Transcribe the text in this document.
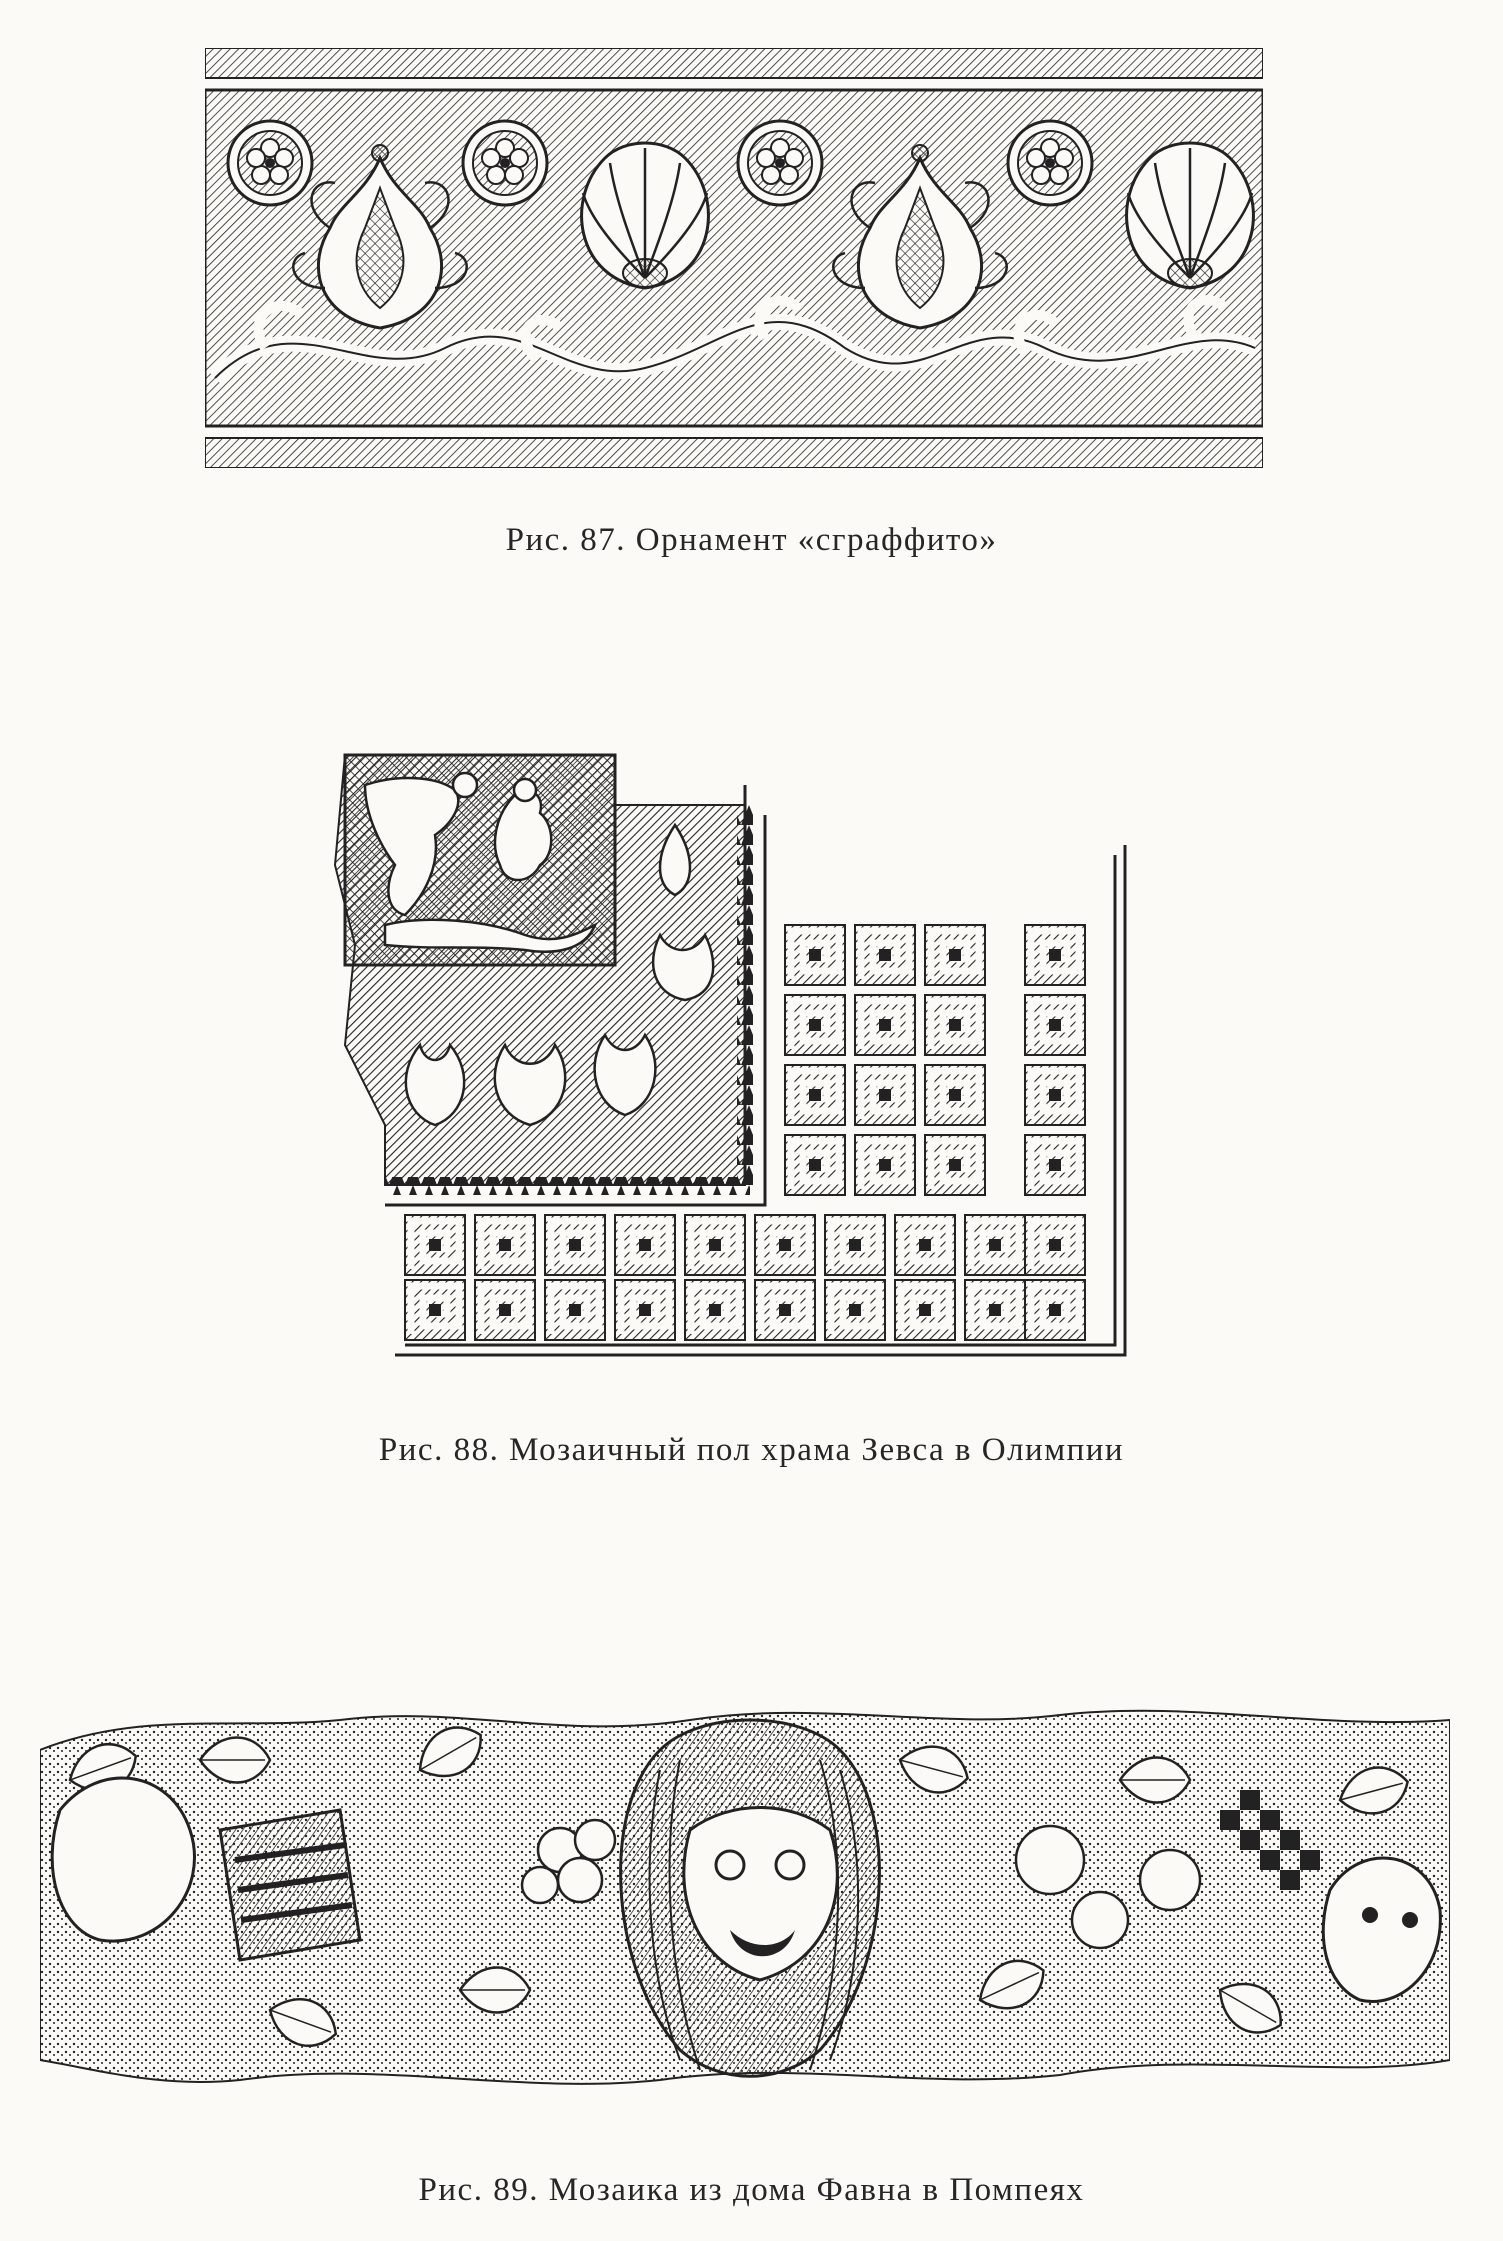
Рис. 87. Орнамент «сграффито»
Рис. 88. Мозаичный пол храма Зевса в Олимпии
Рис. 89. Мозаика из дома Фавна в Помпеях
